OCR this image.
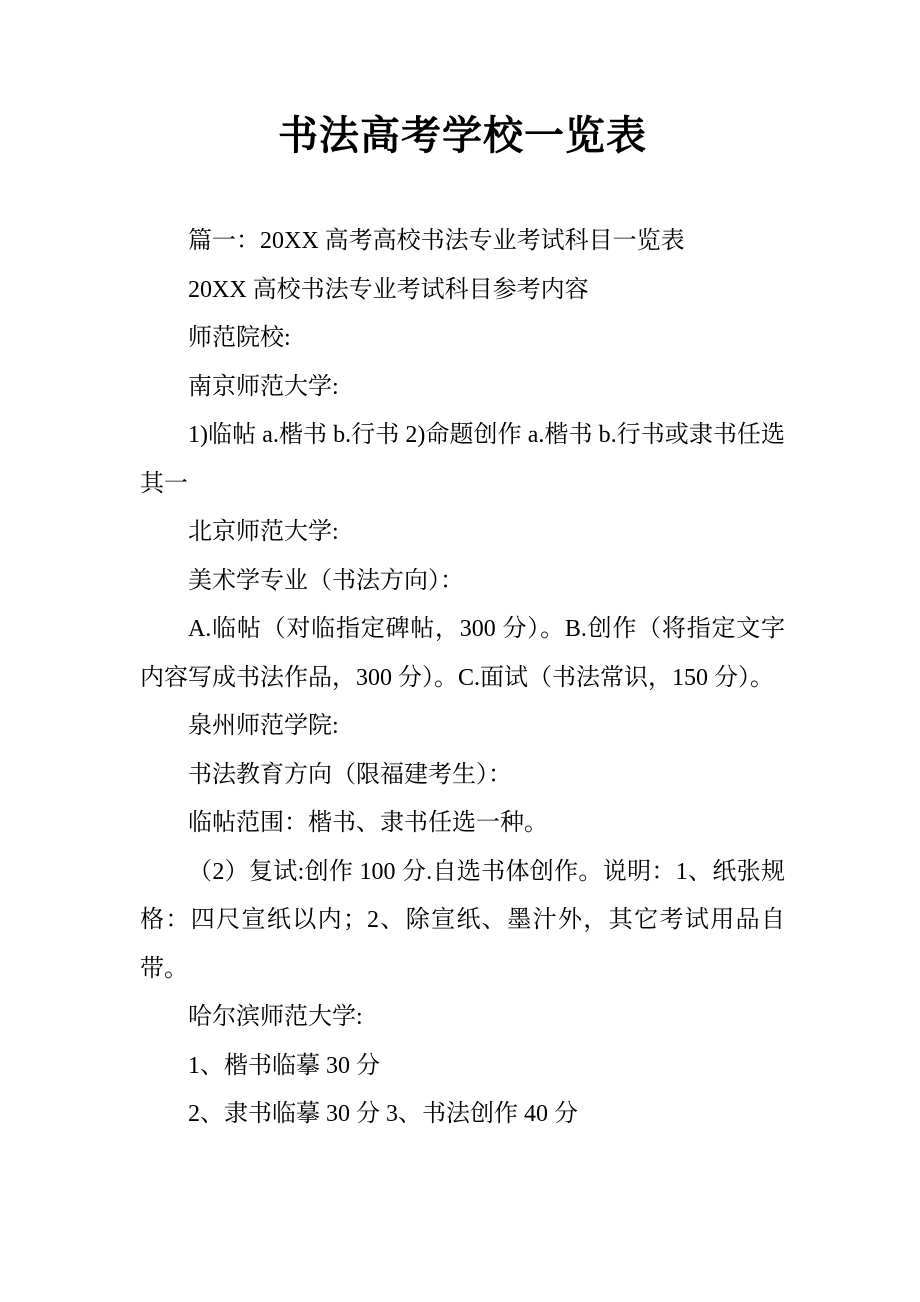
书法高考学校一览表

篇一：20XX 高考高校书法专业考试科目一览表

20XX 高校书法专业考试科目参考内容

师范院校:

南京师范大学:

1)临帖 a.楷书 b.行书 2)命题创作 a.楷书 b.行书或隶书任选其一

北京师范大学:

美术学专业（书法方向）：

A.临帖（对临指定碑帖，300 分）。B.创作（将指定文字内容写成书法作品，300 分）。C.面试（书法常识，150 分）。

泉州师范学院:

书法教育方向（限福建考生）：

临帖范围：楷书、隶书任选一种。

（2）复试:创作 100 分.自选书体创作。说明：1、纸张规格：四尺宣纸以内；2、除宣纸、墨汁外，其它考试用品自带。

哈尔滨师范大学:

1、楷书临摹 30 分

2、隶书临摹 30 分 3、书法创作 40 分
